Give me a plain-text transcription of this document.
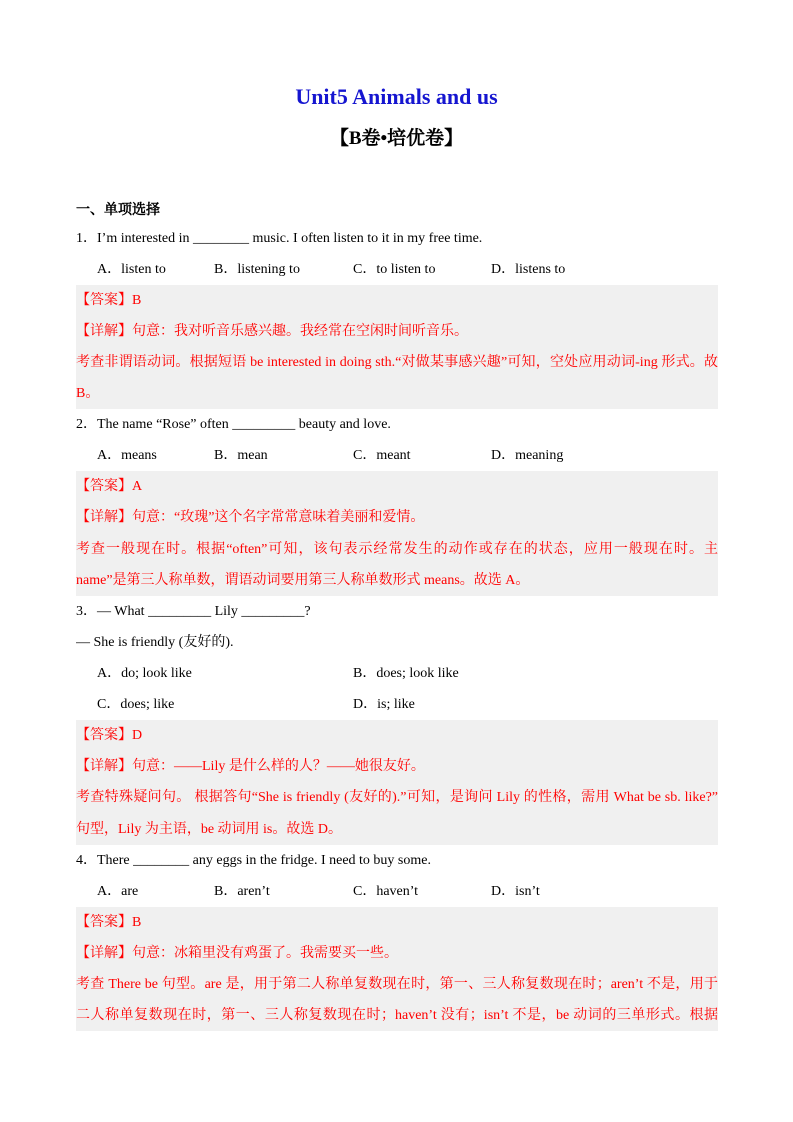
Unit5 Animals and us
【B卷•培优卷】
一、单项选择
1．I’m interested in ________ music. I often listen to it in my free time.
A．listen to	B．listening to	C．to listen to	D．listens to
【答案】B
【详解】句意：我对听音乐感兴趣。我经常在空闲时间听音乐。
考查非谓语动词。根据短语 be interested in doing sth.“对做某事感兴趣”可知，空处应用动词-ing 形式。故
B。
2．The name “Rose” often _________ beauty and love.
A．means	B．mean	C．meant	D．meaning
【答案】A
【详解】句意：“玫瑰”这个名字常常意味着美丽和爱情。
考查一般现在时。根据“often”可知，该句表示经常发生的动作或存在的状态，应用一般现在时。主
name”是第三人称单数，谓语动词要用第三人称单数形式 means。故选 A。
3．— What _________ Lily _________?
— She is friendly (友好的).
A．do; look like	B．does; look like
C．does; like	D．is; like
【答案】D
【详解】句意：——Lily 是什么样的人？——她很友好。
考查特殊疑问句。 根据答句“She is friendly (友好的).”可知，是询问 Lily 的性格，需用 What be sb. like?”
句型，Lily 为主语，be 动词用 is。故选 D。
4．There ________ any eggs in the fridge. I need to buy some.
A．are	B．aren’t	C．haven’t	D．isn’t
【答案】B
【详解】句意：冰箱里没有鸡蛋了。我需要买一些。
考查 There be 句型。are 是，用于第二人称单复数现在时，第一、三人称复数现在时；aren’t 不是，用于
二人称单复数现在时，第一、三人称复数现在时；haven’t 没有；isn’t 不是，be 动词的三单形式。根据
